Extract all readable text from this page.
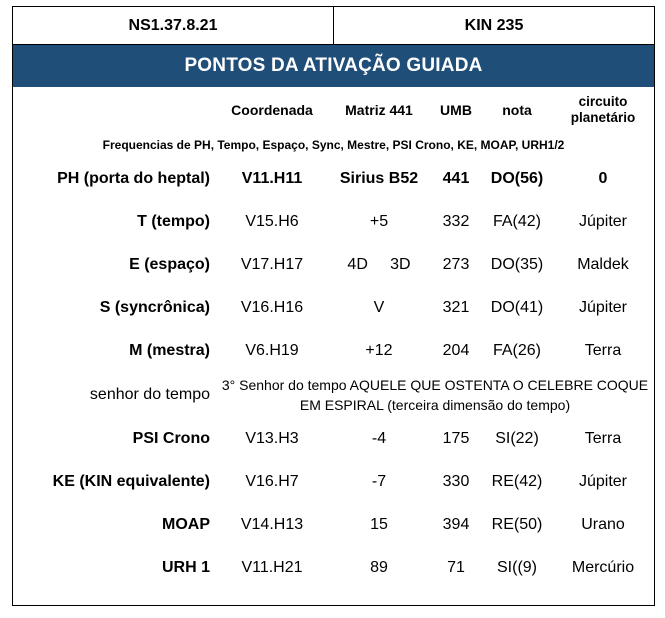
NS1.37.8.21	KIN 235
PONTOS DA ATIVAÇÃO GUIADA
	Coordenada	Matriz 441	UMB	nota	circuito
planetário
Frequencias de PH, Tempo, Espaço, Sync, Mestre, PSI Crono, KE, MOAP, URH1/2					
PH (porta do heptal)	V11.H11	Sirius B52	441	DO(56)	0
T (tempo)	V15.H6	+5	332	FA(42)	Júpiter
E (espaço)	V17.H17	4D     3D	273	DO(35)	Maldek
S (syncrônica)	V16.H16	V	321	DO(41)	Júpiter
M (mestra)	V6.H19	+12	204	FA(26)	Terra
senhor do tempo	3° Senhor do tempo AQUELE QUE OSTENTA O CELEBRE COQUE EM ESPIRAL (terceira dimensão do tempo)				
PSI Crono	V13.H3	-4	175	SI(22)	Terra
KE (KIN equivalente)	V16.H7	-7	330	RE(42)	Júpiter
MOAP	V14.H13	15	394	RE(50)	Urano
URH 1	V11.H21	89	71	SI((9)	Mercúrio
